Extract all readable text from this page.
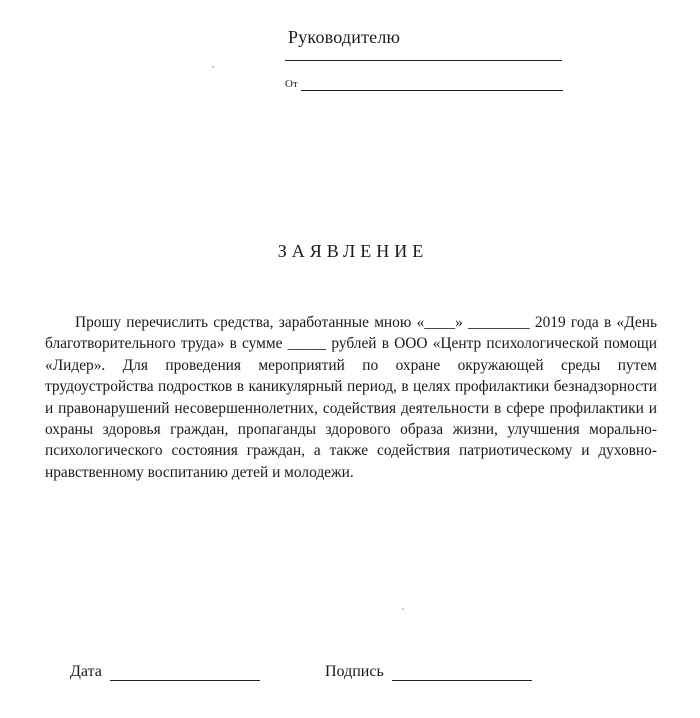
Руководителю
От
ЗАЯВЛЕНИЕ

Прошу перечислить средства, заработанные мною «____» ________ 2019 года в «День благотворительного труда» в сумме _____ рублей в ООО «Центр психологической помощи «Лидер». Для проведения мероприятий по охране окружающей среды путем трудоустройства подростков в каникулярный период, в целях профилактики безнадзорности и правонарушений несовершеннолетних, содействия деятельности в сфере профилактики и охраны здоровья граждан, пропаганды здорового образа жизни, улучшения морально-психологического состояния граждан, а также содействия патриотическому и духовно-нравственному воспитанию детей и молодежи.

Дата	Подпись
